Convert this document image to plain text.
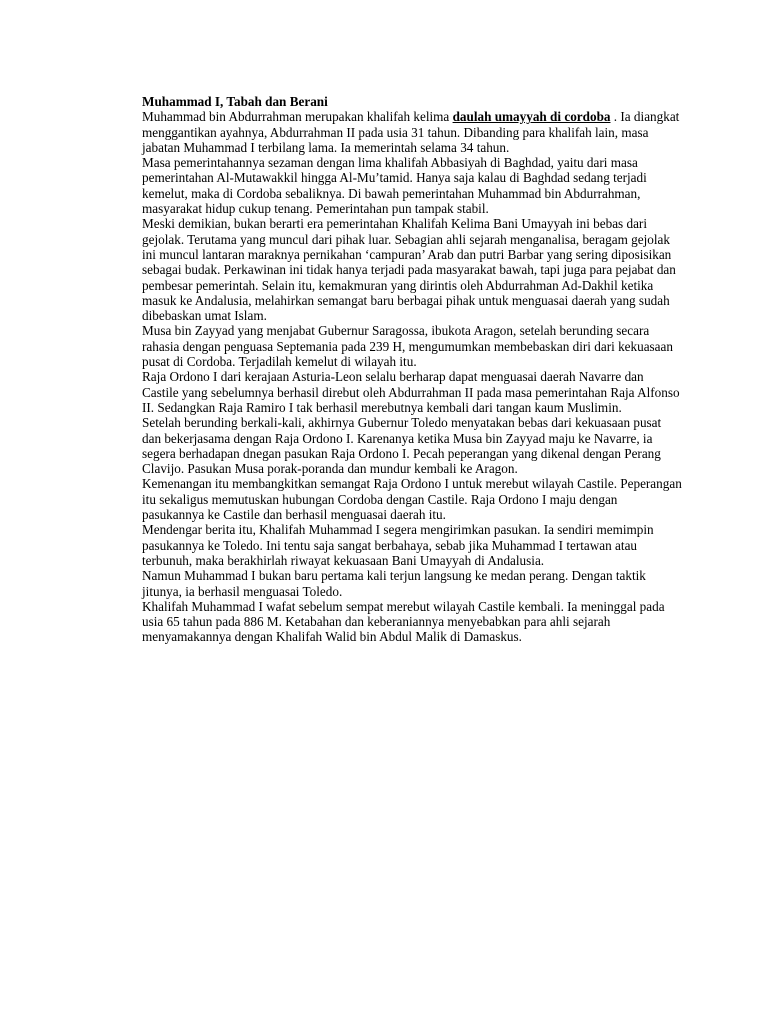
Muhammad I, Tabah dan Berani

Muhammad bin Abdurrahman merupakan khalifah kelima daulah umayyah di cordoba . Ia diangkat menggantikan ayahnya, Abdurrahman II pada usia 31 tahun. Dibanding para khalifah lain, masa jabatan Muhammad I terbilang lama. Ia memerintah selama 34 tahun.

Masa pemerintahannya sezaman dengan lima khalifah Abbasiyah di Baghdad, yaitu dari masa pemerintahan Al-Mutawakkil hingga Al-Mu’tamid. Hanya saja kalau di Baghdad sedang terjadi kemelut, maka di Cordoba sebaliknya. Di bawah pemerintahan Muhammad bin Abdurrahman, masyarakat hidup cukup tenang. Pemerintahan pun tampak stabil.

Meski demikian, bukan berarti era pemerintahan Khalifah Kelima Bani Umayyah ini bebas dari gejolak. Terutama yang muncul dari pihak luar. Sebagian ahli sejarah menganalisa, beragam gejolak ini muncul lantaran maraknya pernikahan ‘campuran’ Arab dan putri Barbar yang sering diposisikan sebagai budak. Perkawinan ini tidak hanya terjadi pada masyarakat bawah, tapi juga para pejabat dan pembesar pemerintah. Selain itu, kemakmuran yang dirintis oleh Abdurrahman Ad-Dakhil ketika masuk ke Andalusia, melahirkan semangat baru berbagai pihak untuk menguasai daerah yang sudah dibebaskan umat Islam.

Musa bin Zayyad yang menjabat Gubernur Saragossa, ibukota Aragon, setelah berunding secara rahasia dengan penguasa Septemania pada 239 H, mengumumkan membebaskan diri dari kekuasaan pusat di Cordoba. Terjadilah kemelut di wilayah itu.

Raja Ordono I dari kerajaan Asturia-Leon selalu berharap dapat menguasai daerah Navarre dan Castile yang sebelumnya berhasil direbut oleh Abdurrahman II pada masa pemerintahan Raja Alfonso II. Sedangkan Raja Ramiro I tak berhasil merebutnya kembali dari tangan kaum Muslimin.

Setelah berunding berkali-kali, akhirnya Gubernur Toledo menyatakan bebas dari kekuasaan pusat dan bekerjasama dengan Raja Ordono I. Karenanya ketika Musa bin Zayyad maju ke Navarre, ia segera berhadapan dnegan pasukan Raja Ordono I. Pecah peperangan yang dikenal dengan Perang Clavijo. Pasukan Musa porak-poranda dan mundur kembali ke Aragon.

Kemenangan itu membangkitkan semangat Raja Ordono I untuk merebut wilayah Castile. Peperangan itu sekaligus memutuskan hubungan Cordoba dengan Castile. Raja Ordono I maju dengan pasukannya ke Castile dan berhasil menguasai daerah itu.

Mendengar berita itu, Khalifah Muhammad I segera mengirimkan pasukan. Ia sendiri memimpin pasukannya ke Toledo. Ini tentu saja sangat berbahaya, sebab jika Muhammad I tertawan atau terbunuh, maka berakhirlah riwayat kekuasaan Bani Umayyah di Andalusia.

Namun Muhammad I bukan baru pertama kali terjun langsung ke medan perang. Dengan taktik jitunya, ia berhasil menguasai Toledo.

Khalifah Muhammad I wafat sebelum sempat merebut wilayah Castile kembali. Ia meninggal pada usia 65 tahun pada 886 M. Ketabahan dan keberaniannya menyebabkan para ahli sejarah menyamakannya dengan Khalifah Walid bin Abdul Malik di Damaskus.
